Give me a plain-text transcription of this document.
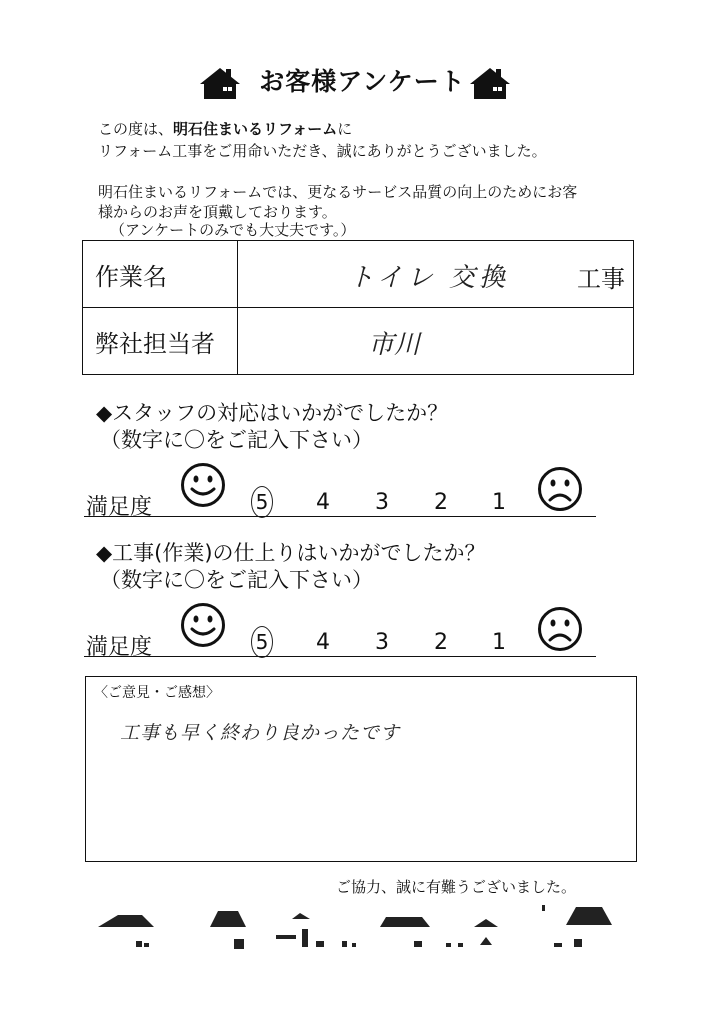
お客様アンケート
この度は、明石住まいるリフォームに
リフォーム工事をご用命いただき、誠にありがとうございました。
明石住まいるリフォームでは、更なるサービス品質の向上のためにお客
様からのお声を頂戴しております。
（アンケートのみでも大丈夫です。）
作業名	トイレ 交換 工事

弊社担当者	市川
◆スタッフの対応はいかがでしたか？
（数字に〇をご記入下さい）
満足度	5 4 3 2 1
◆工事(作業)の仕上りはいかがでしたか？
（数字に〇をご記入下さい）
満足度	5 4 3 2 1
〈ご意見・ご感想〉
工事も早く終わり良かったです
ご協力、誠に有難うございました。
